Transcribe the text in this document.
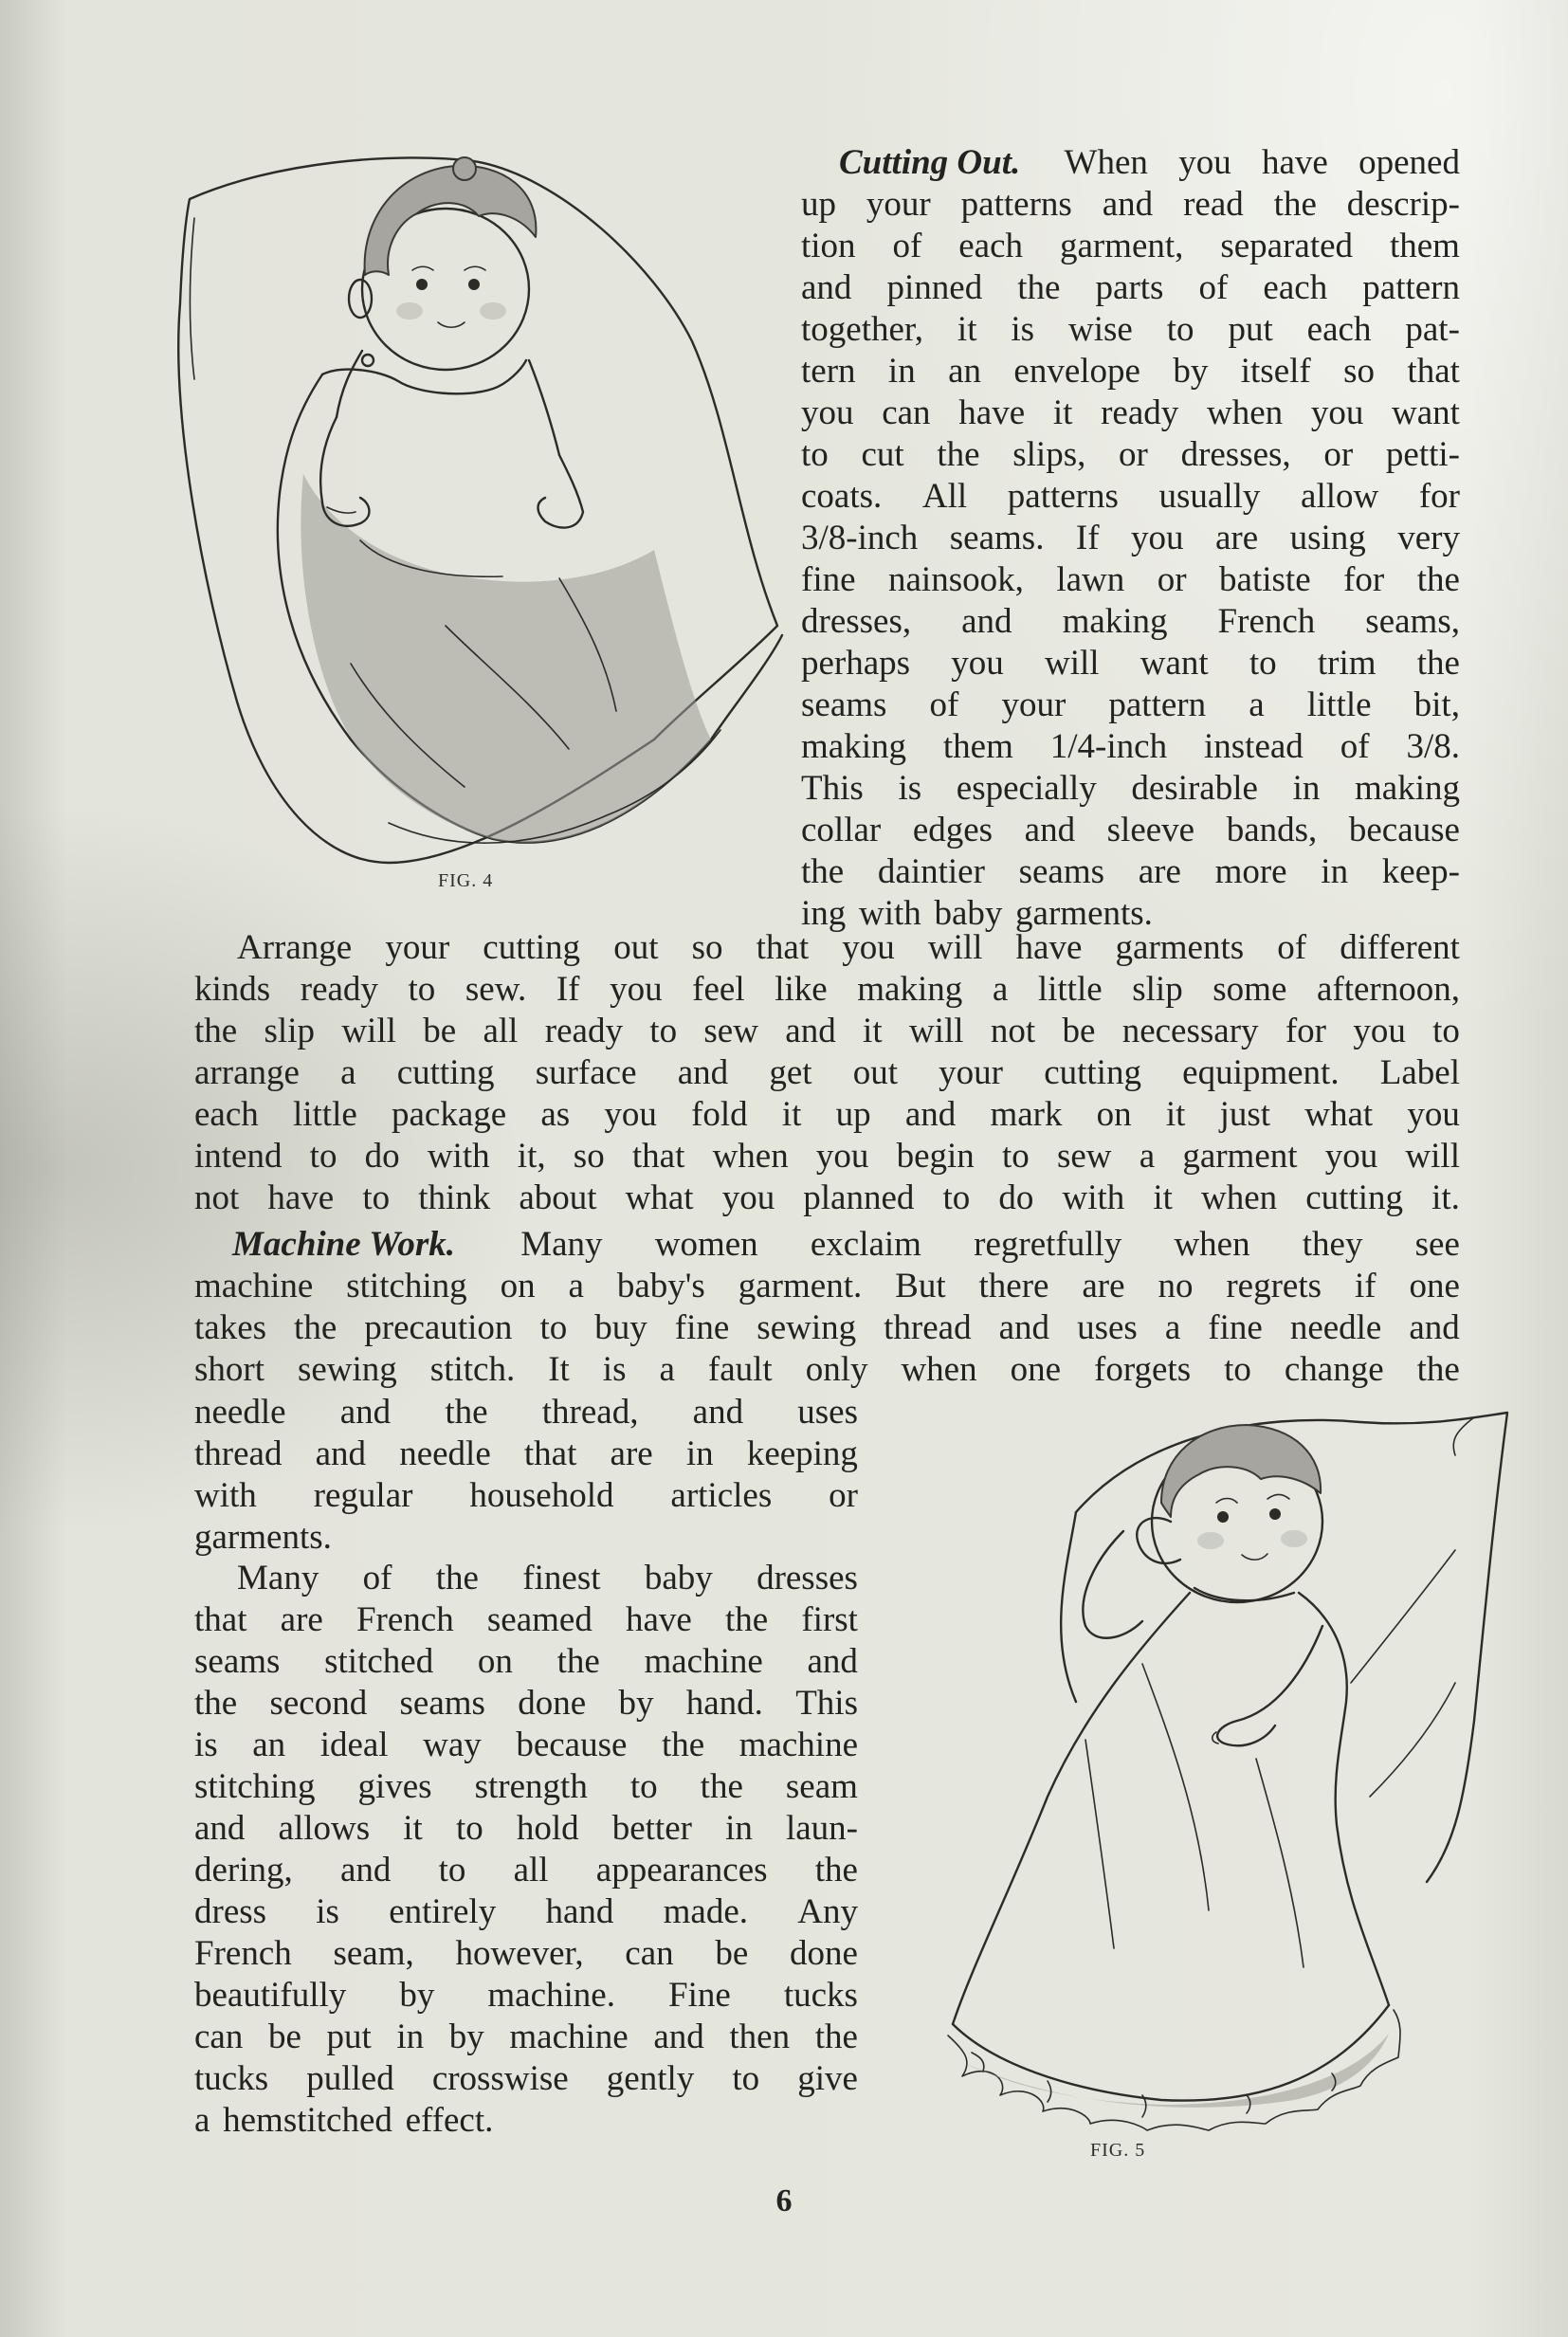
FIG. 4
Cutting Out. When you have opened
up your patterns and read the descrip-
tion of each garment, separated them
and pinned the parts of each pattern
together, it is wise to put each pat-
tern in an envelope by itself so that
you can have it ready when you want
to cut the slips, or dresses, or petti-
coats. All patterns usually allow for
3/8-inch seams. If you are using very
fine nainsook, lawn or batiste for the
dresses, and making French seams,
perhaps you will want to trim the
seams of your pattern a little bit,
making them 1/4-inch instead of 3/8.
This is especially desirable in making
collar edges and sleeve bands, because
the daintier seams are more in keep-
ing with baby garments.
Arrange your cutting out so that you will have garments of different
kinds ready to sew. If you feel like making a little slip some afternoon,
the slip will be all ready to sew and it will not be necessary for you to
arrange a cutting surface and get out your cutting equipment. Label
each little package as you fold it up and mark on it just what you
intend to do with it, so that when you begin to sew a garment you will
not have to think about what you planned to do with it when cutting it.
Machine Work. Many women exclaim regretfully when they see
machine stitching on a baby's garment. But there are no regrets if one
takes the precaution to buy fine sewing thread and uses a fine needle and
short sewing stitch. It is a fault only when one forgets to change the
needle and the thread, and uses
thread and needle that are in keeping
with regular household articles or
garments.
Many of the finest baby dresses
that are French seamed have the first
seams stitched on the machine and
the second seams done by hand. This
is an ideal way because the machine
stitching gives strength to the seam
and allows it to hold better in laun-
dering, and to all appearances the
dress is entirely hand made. Any
French seam, however, can be done
beautifully by machine. Fine tucks
can be put in by machine and then the
tucks pulled crosswise gently to give
a hemstitched effect.
FIG. 5
6
